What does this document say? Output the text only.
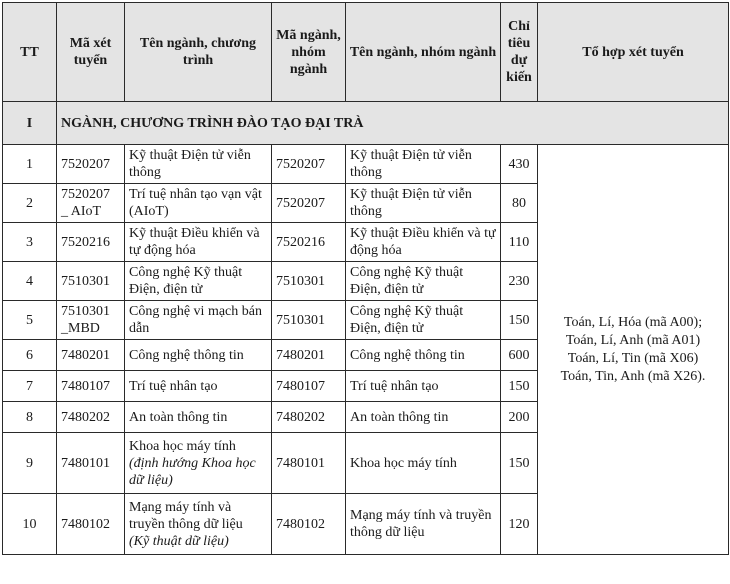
TT	Mã xét tuyển	Tên ngành, chương trình	Mã ngành, nhóm ngành	Tên ngành, nhóm ngành	Chỉ tiêu dự kiến	Tổ hợp xét tuyển
I	NGÀNH, CHƯƠNG TRÌNH ĐÀO TẠO ĐẠI TRÀ					
1	7520207	Kỹ thuật Điện tử viễn thông	7520207	Kỹ thuật Điện tử viễn thông	430	Toán, Lí, Hóa (mã A00);
Toán, Lí, Anh (mã A01)
Toán, Lí, Tin (mã X06)
Toán, Tin, Anh (mã X26).

2	7520207 _ AIoT	Trí tuệ nhân tạo vạn vật (AIoT)	7520207	Kỹ thuật Điện tử viễn thông	80	
3	7520216	Kỹ thuật Điều khiển và tự động hóa	7520216	Kỹ thuật Điều khiển và tự động hóa	110	
4	7510301	Công nghệ Kỹ thuật Điện, điện tử	7510301	Công nghệ Kỹ thuật Điện, điện tử	230	
5	7510301 _MBD	Công nghệ vi mạch bán dẫn	7510301	Công nghệ Kỹ thuật Điện, điện tử	150	
6	7480201	Công nghệ thông tin	7480201	Công nghệ thông tin	600	
7	7480107	Trí tuệ nhân tạo	7480107	Trí tuệ nhân tạo	150	
8	7480202	An toàn thông tin	7480202	An toàn thông tin	200	
9	7480101	Khoa học máy tính
(định hướng Khoa học dữ liệu)	7480101	Khoa học máy tính	150	
10	7480102	Mạng máy tính và truyền thông dữ liệu
(Kỹ thuật dữ liệu)	7480102	Mạng máy tính và truyền thông dữ liệu	120	
